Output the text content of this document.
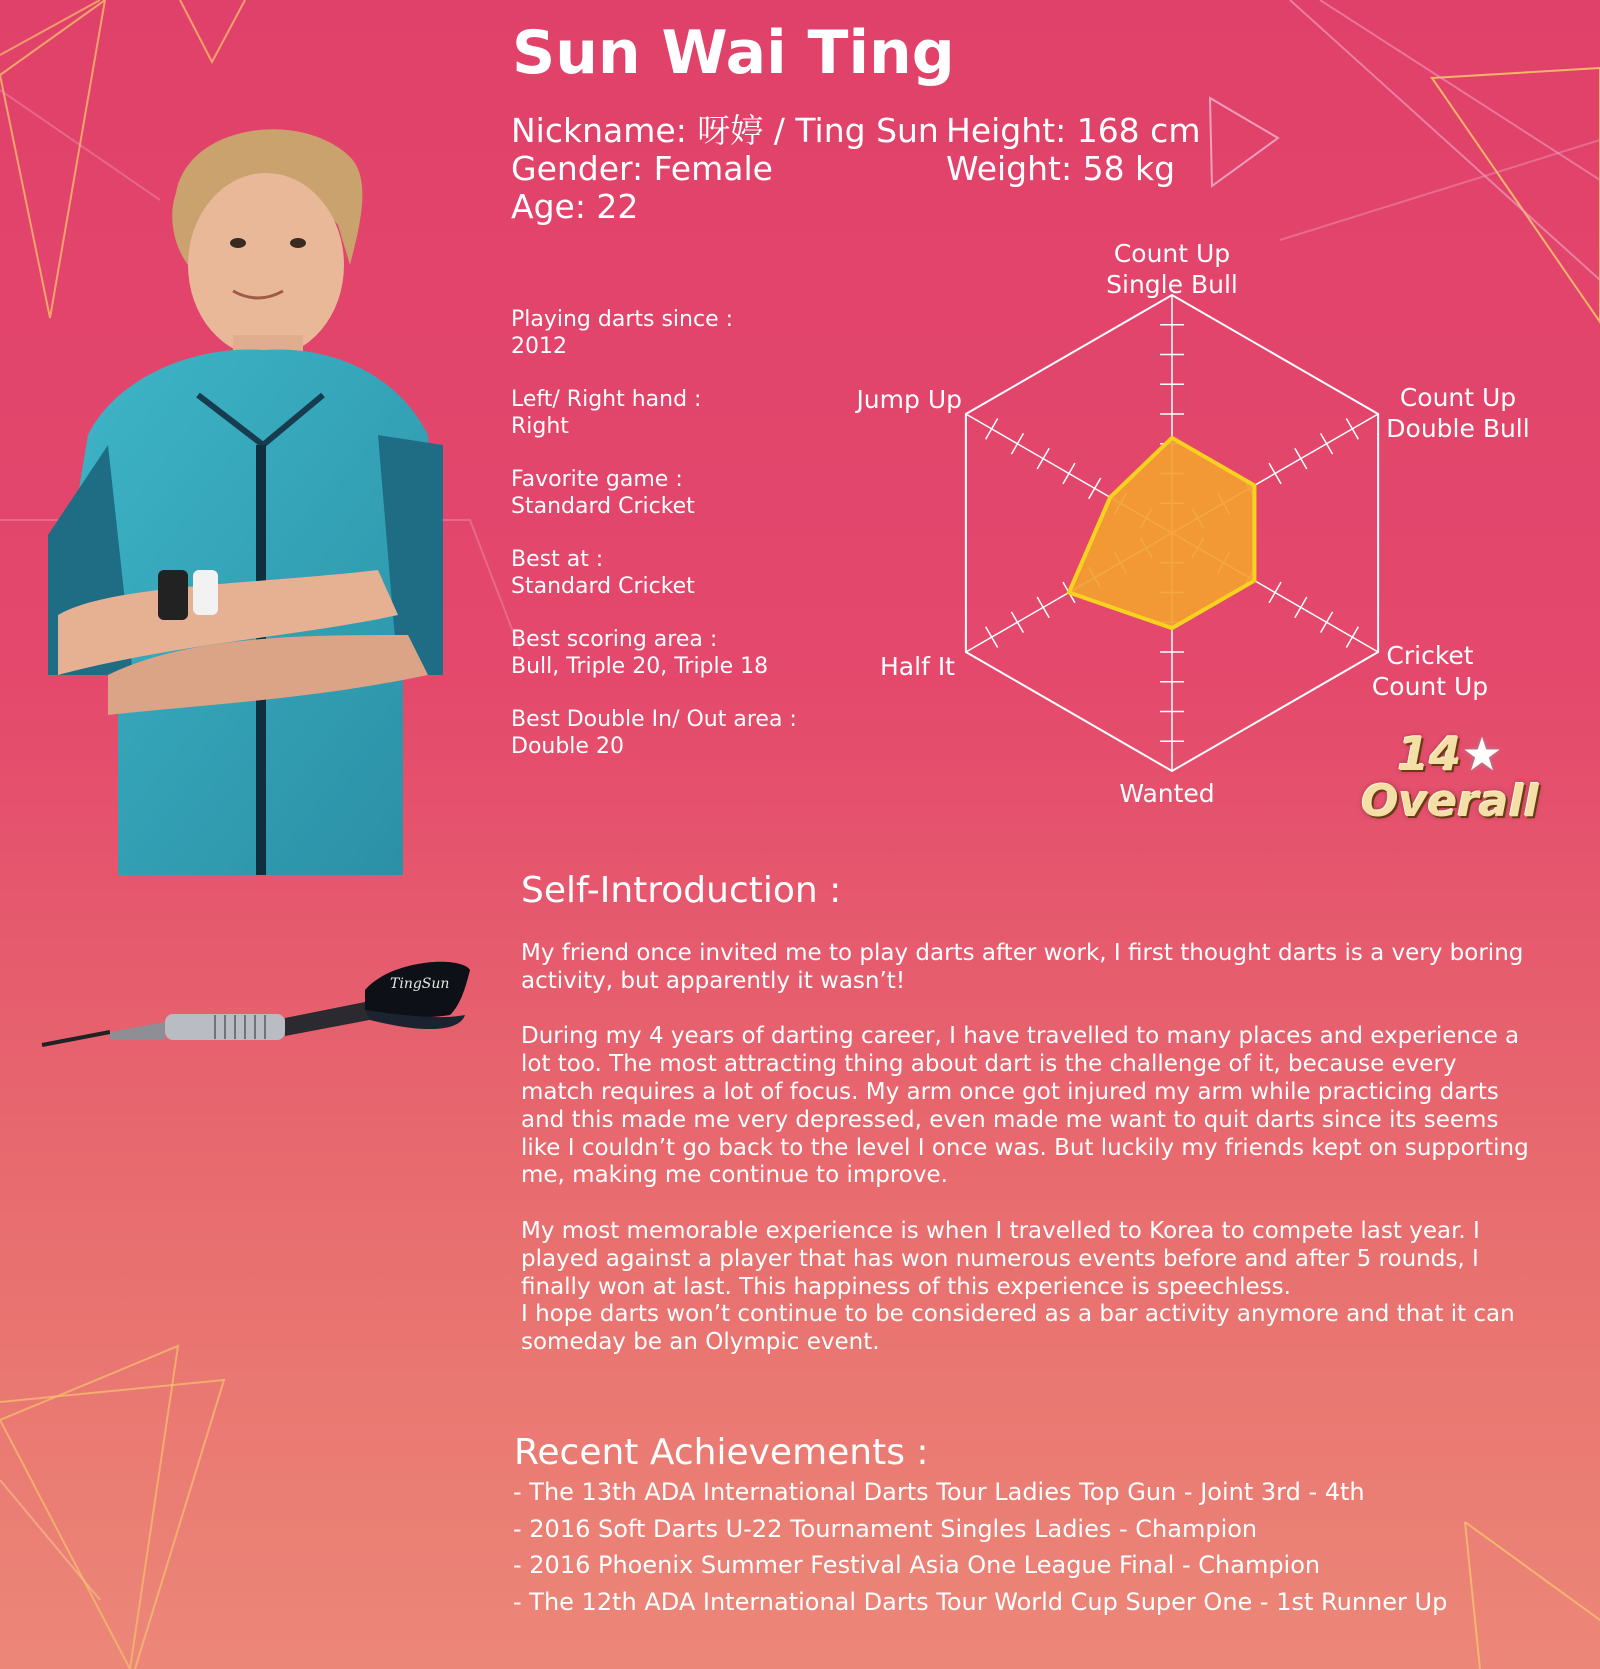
TingSun
Sun Wai Ting
Nickname: 呀婷 / Ting Sun
Gender: Female
Age: 22
Height: 168 cm
Weight: 58 kg
Playing darts since :
2012
Left/ Right hand :
Right
Favorite game :
Standard Cricket
Best at :
Standard Cricket
Best scoring area :
Bull, Triple 20, Triple 18
Best Double In/ Out area :
Double 20
Count Up Single Bull
Count Up Double Bull
Cricket Count Up
Wanted
Half It
Jump Up
14★
Overall
Self-Introduction :

My friend once invited me to play darts after work, I first thought darts is a very boring activity, but apparently it wasn’t!

During my 4 years of darting career, I have travelled to many places and experience a lot too. The most attracting thing about dart is the challenge of it, because every match requires a lot of focus. My arm once got injured my arm while practicing darts and this made me very depressed, even made me want to quit darts since its seems like I couldn’t go back to the level I once was. But luckily my friends kept on supporting me, making me continue to improve.

My most memorable experience is when I travelled to Korea to compete last year. I played against a player that has won numerous events before and after 5 rounds, I finally won at last. This happiness of this experience is speechless.
I hope darts won’t continue to be considered as a bar activity anymore and that it can someday be an Olympic event.

Recent Achievements :
- The 13th ADA International Darts Tour Ladies Top Gun - Joint 3rd - 4th
- 2016 Soft Darts U-22 Tournament Singles Ladies - Champion
- 2016 Phoenix Summer Festival Asia One League Final - Champion
- The 12th ADA International Darts Tour World Cup Super One - 1st Runner Up
